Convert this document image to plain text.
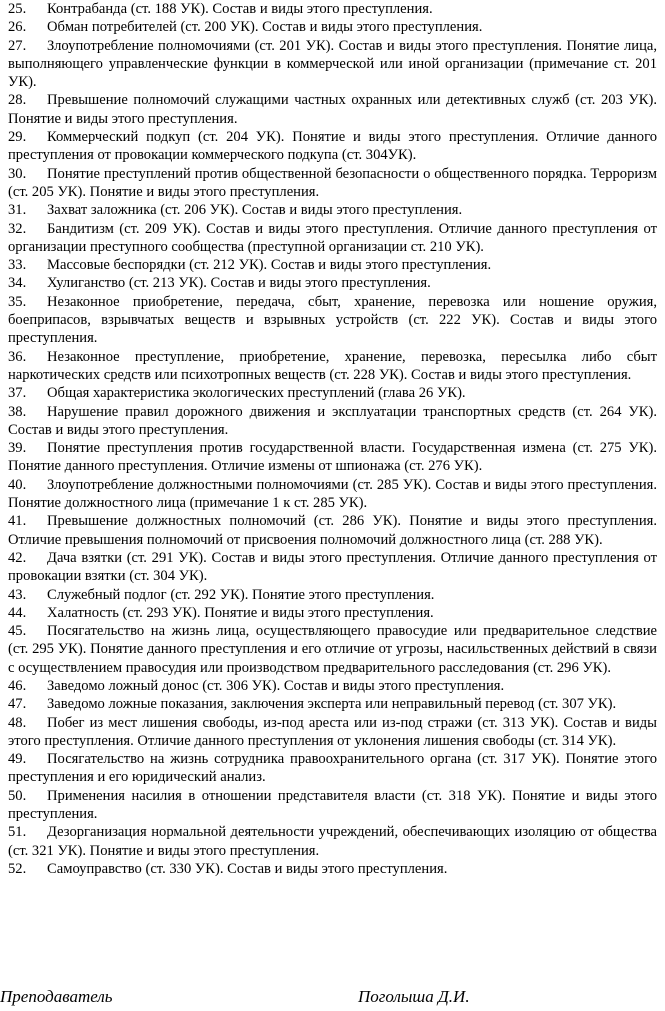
25. Контрабанда (ст. 188 УК). Состав и виды этого преступления.

26. Обман потребителей (ст. 200 УК). Состав и виды этого преступления.

27. Злоупотребление полномочиями (ст. 201 УК). Состав и виды этого преступления. Понятие лица, выполняющего управленческие функции в коммерческой или иной организации (примечание ст. 201 УК).

28. Превышение полномочий служащими частных охранных или детективных служб (ст. 203 УК). Понятие и виды этого преступления.

29. Коммерческий подкуп (ст. 204 УК). Понятие и виды этого преступления. Отличие данного преступления от провокации коммерческого подкупа (ст. 304УК).

30. Понятие преступлений против общественной безопасности о общественного порядка. Терроризм (ст. 205 УК). Понятие и виды этого преступления.

31. Захват заложника (ст. 206 УК). Состав и виды этого преступления.

32. Бандитизм (ст. 209 УК). Состав и виды этого преступления. Отличие данного преступления от организации преступного сообщества (преступной организации ст. 210 УК).

33. Массовые беспорядки (ст. 212 УК). Состав и виды этого преступления.

34. Хулиганство (ст. 213 УК). Состав и виды этого преступления.

35. Незаконное приобретение, передача, сбыт, хранение, перевозка или ношение оружия, боеприпасов, взрывчатых веществ и взрывных устройств (ст. 222 УК). Состав и виды этого преступления.

36. Незаконное преступление, приобретение, хранение, перевозка, пересылка либо сбыт наркотических средств или психотропных веществ (ст. 228 УК). Состав и виды этого преступления.

37. Общая характеристика экологических преступлений (глава 26 УК).

38. Нарушение правил дорожного движения и эксплуатации транспортных средств (ст. 264 УК). Состав и виды этого преступления.

39. Понятие преступления против государственной власти. Государственная измена (ст. 275 УК). Понятие данного преступления. Отличие измены от шпионажа (ст. 276 УК).

40. Злоупотребление должностными полномочиями (ст. 285 УК). Состав и виды этого преступления. Понятие должностного лица (примечание 1 к ст. 285 УК).

41. Превышение должностных полномочий (ст. 286 УК). Понятие и виды этого преступления. Отличие превышения полномочий от присвоения полномочий должностного лица (ст. 288 УК).

42. Дача взятки (ст. 291 УК). Состав и виды этого преступления. Отличие данного преступления от провокации взятки (ст. 304 УК).

43. Служебный подлог (ст. 292 УК). Понятие этого преступления.

44. Халатность (ст. 293 УК). Понятие и виды этого преступления.

45. Посягательство на жизнь лица, осуществляющего правосудие или предварительное следствие (ст. 295 УК). Понятие данного преступления и его отличие от угрозы, насильственных действий в связи с осуществлением правосудия или производством предварительного расследования (ст. 296 УК).

46. Заведомо ложный донос (ст. 306 УК). Состав и виды этого преступления.

47. Заведомо ложные показания, заключения эксперта или неправильный перевод (ст. 307 УК).

48. Побег из мест лишения свободы, из-под ареста или из-под стражи (ст. 313 УК). Состав и виды этого преступления. Отличие данного преступления от уклонения лишения свободы (ст. 314 УК).

49. Посягательство на жизнь сотрудника правоохранительного органа (ст. 317 УК). Понятие этого преступления и его юридический анализ.

50. Применения насилия в отношении представителя власти (ст. 318 УК). Понятие и виды этого преступления.

51. Дезорганизация нормальной деятельности учреждений, обеспечивающих изоляцию от общества (ст. 321 УК). Понятие и виды этого преступления.

52. Самоуправство (ст. 330 УК). Состав и виды этого преступления.

Преподаватель	Поголыша Д.И.
